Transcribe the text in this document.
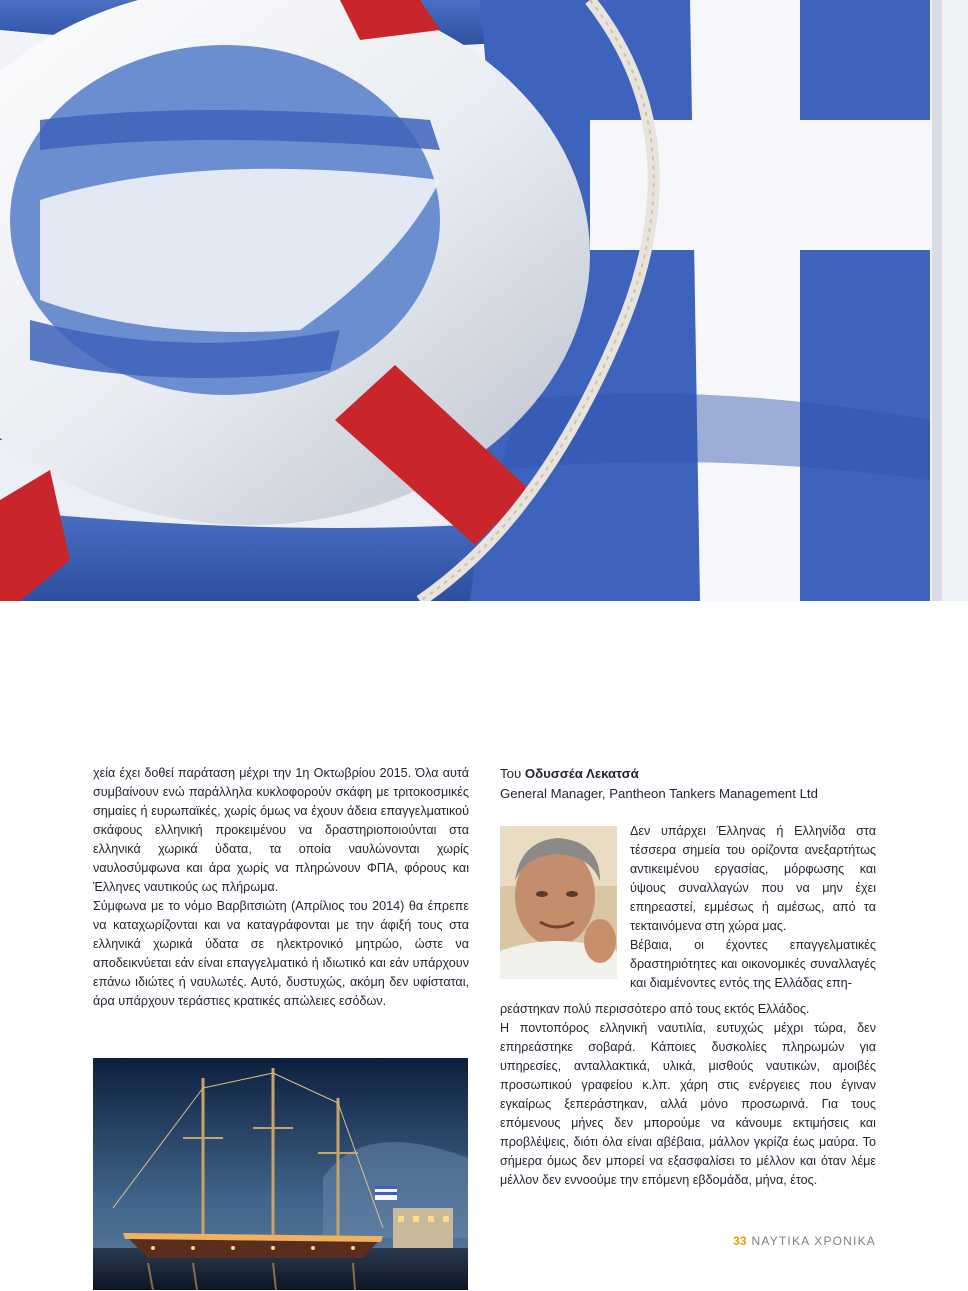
χεία έχει δοθεί παράταση μέχρι την 1η Οκτωβρίου 2015. Όλα αυτά συμβαίνουν ενώ παράλληλα κυκλοφορούν σκάφη με τριτοκοσμικές σημαίες ή ευρωπαϊκές, χωρίς όμως να έχουν άδεια επαγγελματικού σκάφους ελληνική προκειμένου να δραστηριοποιούνται στα ελληνικά χωρικά ύδατα, τα οποία ναυλώνονται χωρίς ναυλοσύμφωνα και άρα χωρίς να πληρώνουν ΦΠΑ, φόρους και Έλληνες ναυτικούς ως πλήρωμα.

Σύμφωνα με το νόμο Βαρβιτσιώτη (Απρίλιος του 2014) θα έπρεπε να καταχωρίζονται και να καταγράφονται με την άφιξή τους στα ελληνικά χωρικά ύδατα σε ηλεκτρονικό μητρώο, ώστε να αποδεικνύεται εάν είναι επαγγελματικό ή ιδιωτικό και εάν υπάρχουν επάνω ιδιώτες ή ναυλωτές. Αυτό, δυστυχώς, ακόμη δεν υφίσταται, άρα υπάρχουν τεράστιες κρατικές απώλειες εσόδων.

Του Οδυσσέα Λεκατσά
General Manager, Pantheon Tankers Management Ltd

Δεν υπάρχει Έλληνας ή Ελληνίδα στα τέσσερα σημεία του ορίζοντα ανεξαρτήτως αντικειμένου εργασίας, μόρφωσης και ύψους συναλλαγών που να μην έχει επηρεαστεί, εμμέσως ή αμέσως, από τα τεκταινόμενα στη χώρα μας.

Βέβαια, οι έχοντες επαγγελματικές δραστηριότητες και οικονομικές συναλλαγές και διαμένοντες εντός της Ελλάδας επη-

ρεάστηκαν πολύ περισσότερο από τους εκτός Ελλάδος.

Η ποντοπόρος ελληνική ναυτιλία, ευτυχώς μέχρι τώρα, δεν επηρεάστηκε σοβαρά. Κάποιες δυσκολίες πληρωμών για υπηρεσίες, ανταλλακτικά, υλικά, μισθούς ναυτικών, αμοιβές προσωπικού γραφείου κ.λπ. χάρη στις ενέργειες που έγιναν εγκαίρως ξεπεράστηκαν, αλλά μόνο προσωρινά. Για τους επόμενους μήνες δεν μπορούμε να κάνουμε εκτιμήσεις και προβλέψεις, διότι όλα είναι αβέβαια, μάλλον γκρίζα έως μαύρα. Το σήμερα όμως δεν μπορεί να εξασφαλίσει το μέλλον και όταν λέμε μέλλον δεν εννοούμε την επόμενη εβδομάδα, μήνα, έτος.

33 ΝΑΥΤΙΚΑ ΧΡΟΝΙΚΑ
